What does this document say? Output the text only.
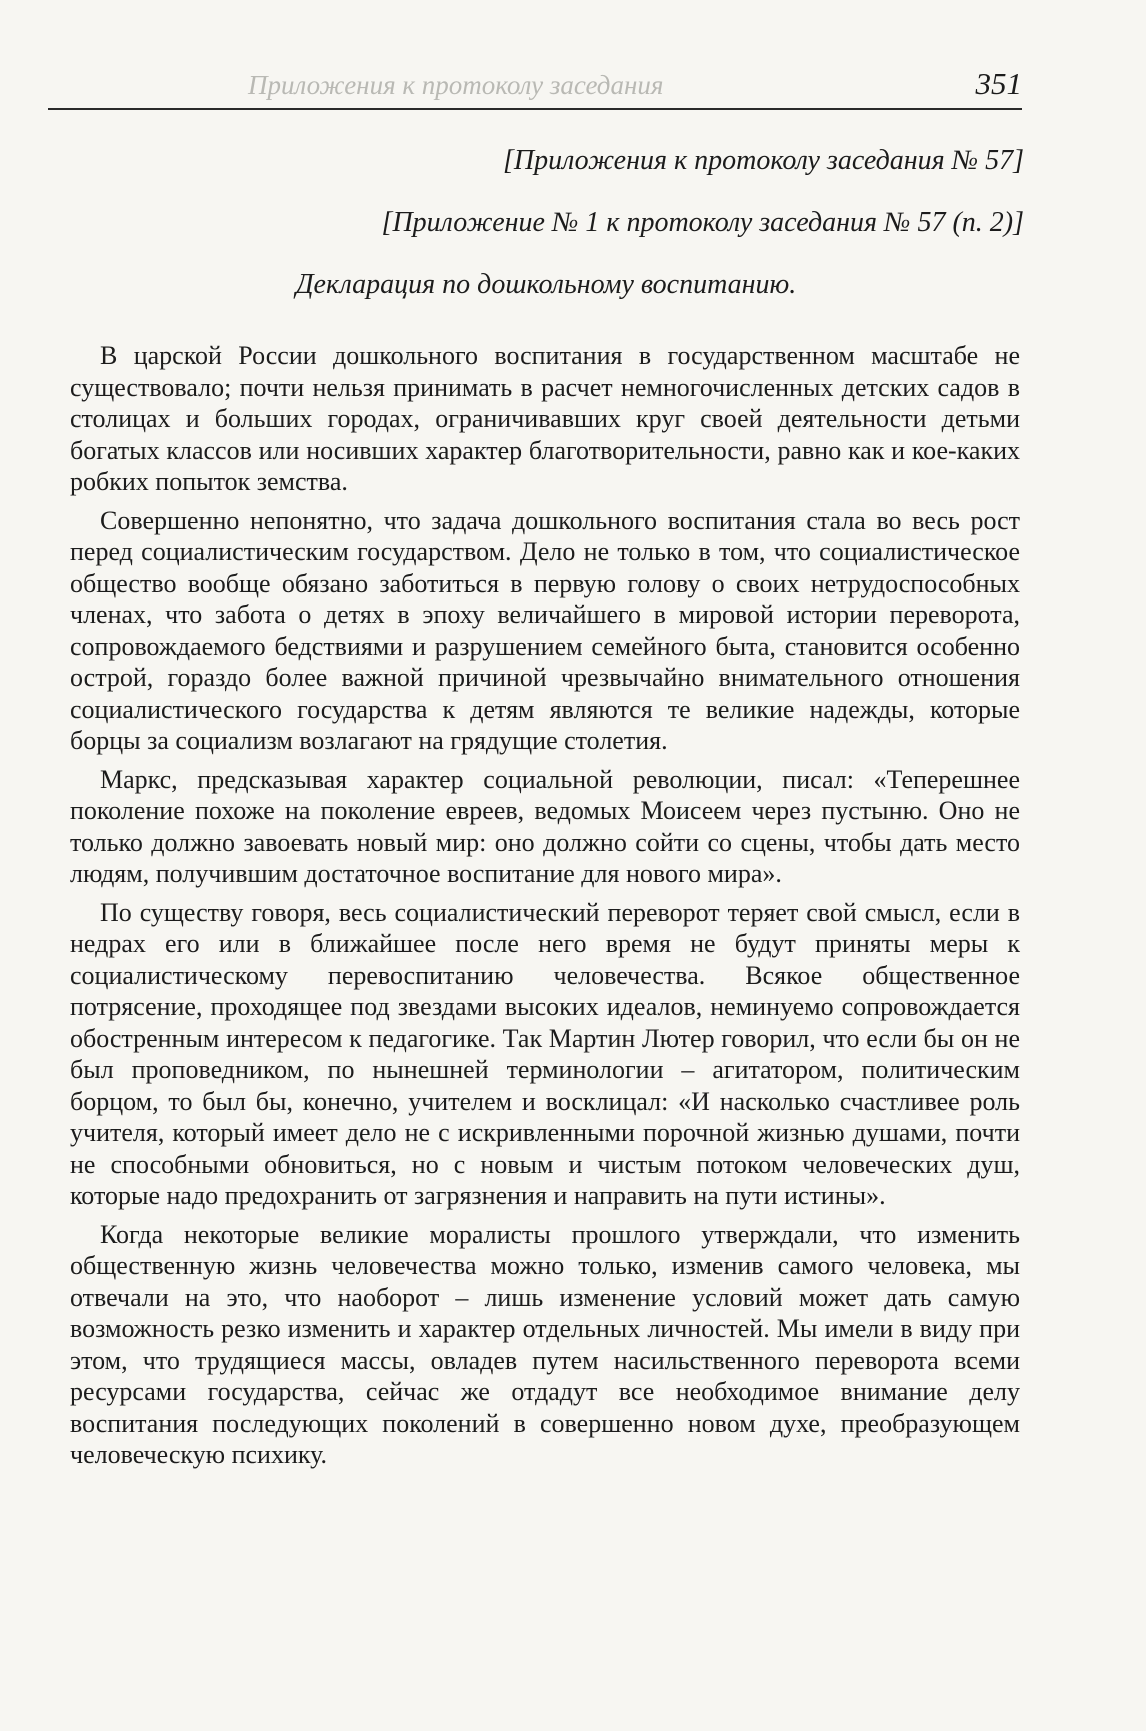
Приложения к протоколу заседания	351
[Приложения к протоколу заседания № 57]
[Приложение № 1 к протоколу заседания № 57 (п. 2)]
Декларация по дошкольному воспитанию.

В царской России дошкольного воспитания в государственном масштабе не существовало; почти нельзя принимать в расчет немногочисленных детских садов в столицах и больших городах, ограничивавших круг своей деятельности детьми богатых классов или носивших характер благотворительности, равно как и кое-каких робких попыток земства.

Совершенно непонятно, что задача дошкольного воспитания стала во весь рост перед социалистическим государством. Дело не только в том, что социалистическое общество вообще обязано заботиться в первую голову о своих нетрудоспособных членах, что забота о детях в эпоху величайшего в мировой истории переворота, сопровождаемого бедствиями и разрушением семейного быта, становится особенно острой, гораздо более важной причиной чрезвычайно внимательного отношения социалистического государства к детям являются те великие надежды, которые борцы за социализм возлагают на грядущие столетия.

Маркс, предсказывая характер социальной революции, писал: «Теперешнее поколение похоже на поколение евреев, ведомых Моисеем через пустыню. Оно не только должно завоевать новый мир: оно должно сойти со сцены, чтобы дать место людям, получившим достаточное воспитание для нового мира».

По существу говоря, весь социалистический переворот теряет свой смысл, если в недрах его или в ближайшее после него время не будут приняты меры к социалистическому перевоспитанию человечества. Всякое общественное потрясение, проходящее под звездами высоких идеалов, неминуемо сопровождается обостренным интересом к педагогике. Так Мартин Лютер говорил, что если бы он не был проповедником, по нынешней терминологии – агитатором, политическим борцом, то был бы, конечно, учителем и восклицал: «И насколько счастливее роль учителя, который имеет дело не с искривленными порочной жизнью душами, почти не способными обновиться, но с новым и чистым потоком человеческих душ, которые надо предохранить от загрязнения и направить на пути истины».

Когда некоторые великие моралисты прошлого утверждали, что изменить общественную жизнь человечества можно только, изменив самого человека, мы отвечали на это, что наоборот – лишь изменение условий может дать самую возможность резко изменить и характер отдельных личностей. Мы имели в виду при этом, что трудящиеся массы, овладев путем насильственного переворота всеми ресурсами государства, сейчас же отдадут все необходимое внимание делу воспитания последующих поколений в совершенно новом духе, преобразующем человеческую психику.
